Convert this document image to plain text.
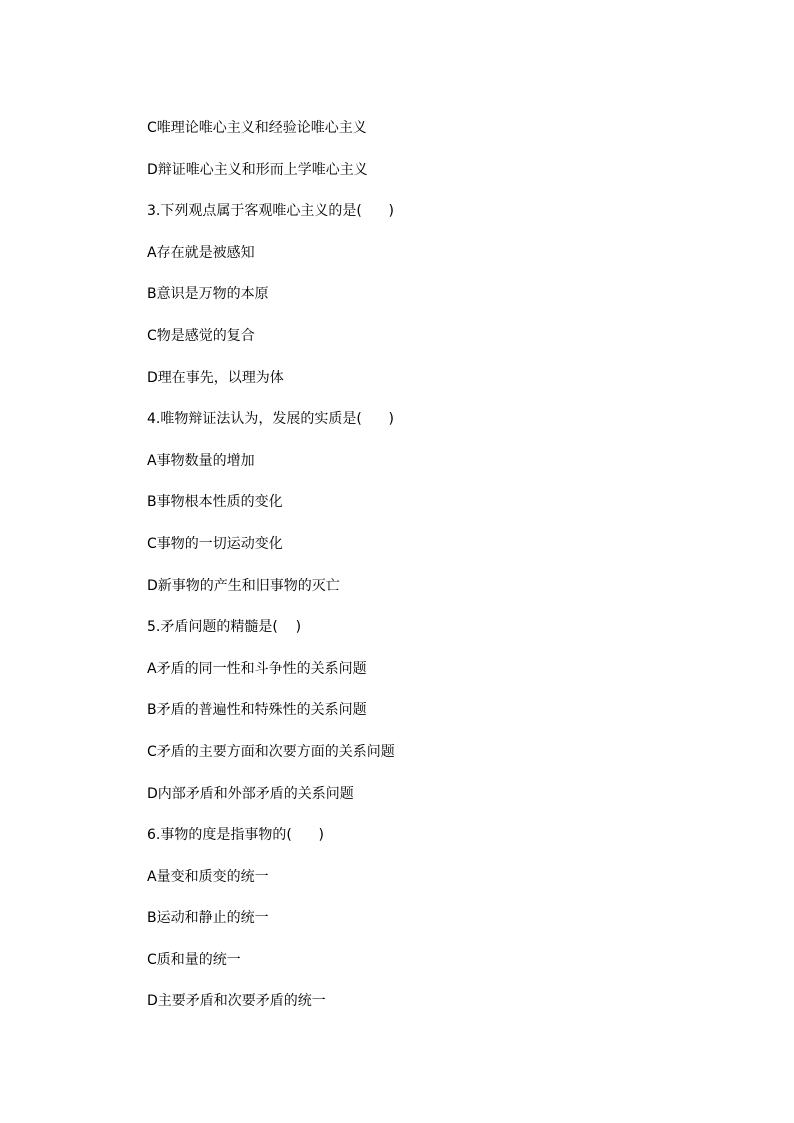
C唯理论唯心主义和经验论唯心主义
D辩证唯心主义和形而上学唯心主义
3.下列观点属于客观唯心主义的是(      )
A存在就是被感知
B意识是万物的本原
C物是感觉的复合
D理在事先，以理为体
4.唯物辩证法认为，发展的实质是(      )
A事物数量的增加
B事物根本性质的变化
C事物的一切运动变化
D新事物的产生和旧事物的灭亡
5.矛盾问题的精髓是(    )
A矛盾的同一性和斗争性的关系问题
B矛盾的普遍性和特殊性的关系问题
C矛盾的主要方面和次要方面的关系问题
D内部矛盾和外部矛盾的关系问题
6.事物的度是指事物的(      )
A量变和质变的统一
B运动和静止的统一
C质和量的统一
D主要矛盾和次要矛盾的统一
